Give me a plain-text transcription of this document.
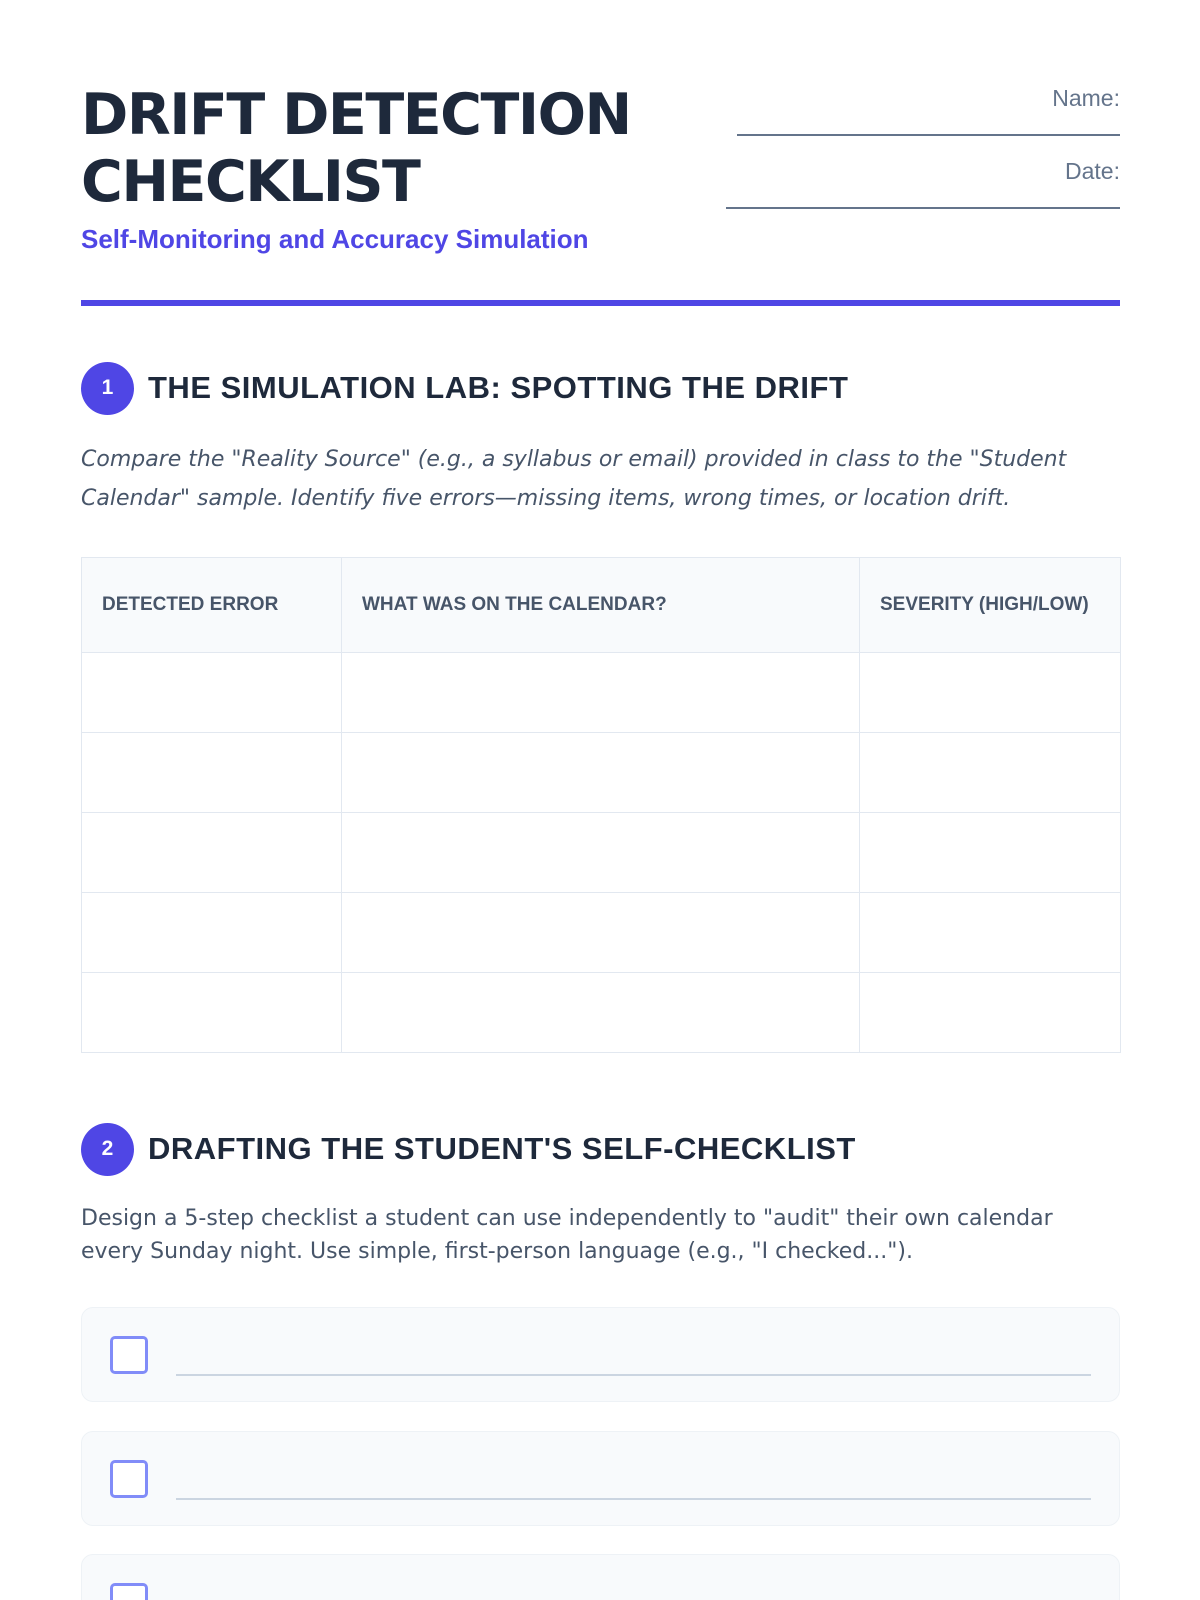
DRIFT DETECTION
CHECKLIST
Self-Monitoring and Accuracy Simulation
Name:
Date:
1	THE SIMULATION LAB: SPOTTING THE DRIFT

Compare the "Reality Source" (e.g., a syllabus or email) provided in class to the "Student Calendar" sample. Identify five errors—missing items, wrong times, or location drift.

DETECTED ERROR	WHAT WAS ON THE CALENDAR?	SEVERITY (HIGH/LOW)

2	DRAFTING THE STUDENT'S SELF-CHECKLIST

Design a 5-step checklist a student can use independently to "audit" their own calendar every Sunday night. Use simple, first-person language (e.g., "I checked...").
